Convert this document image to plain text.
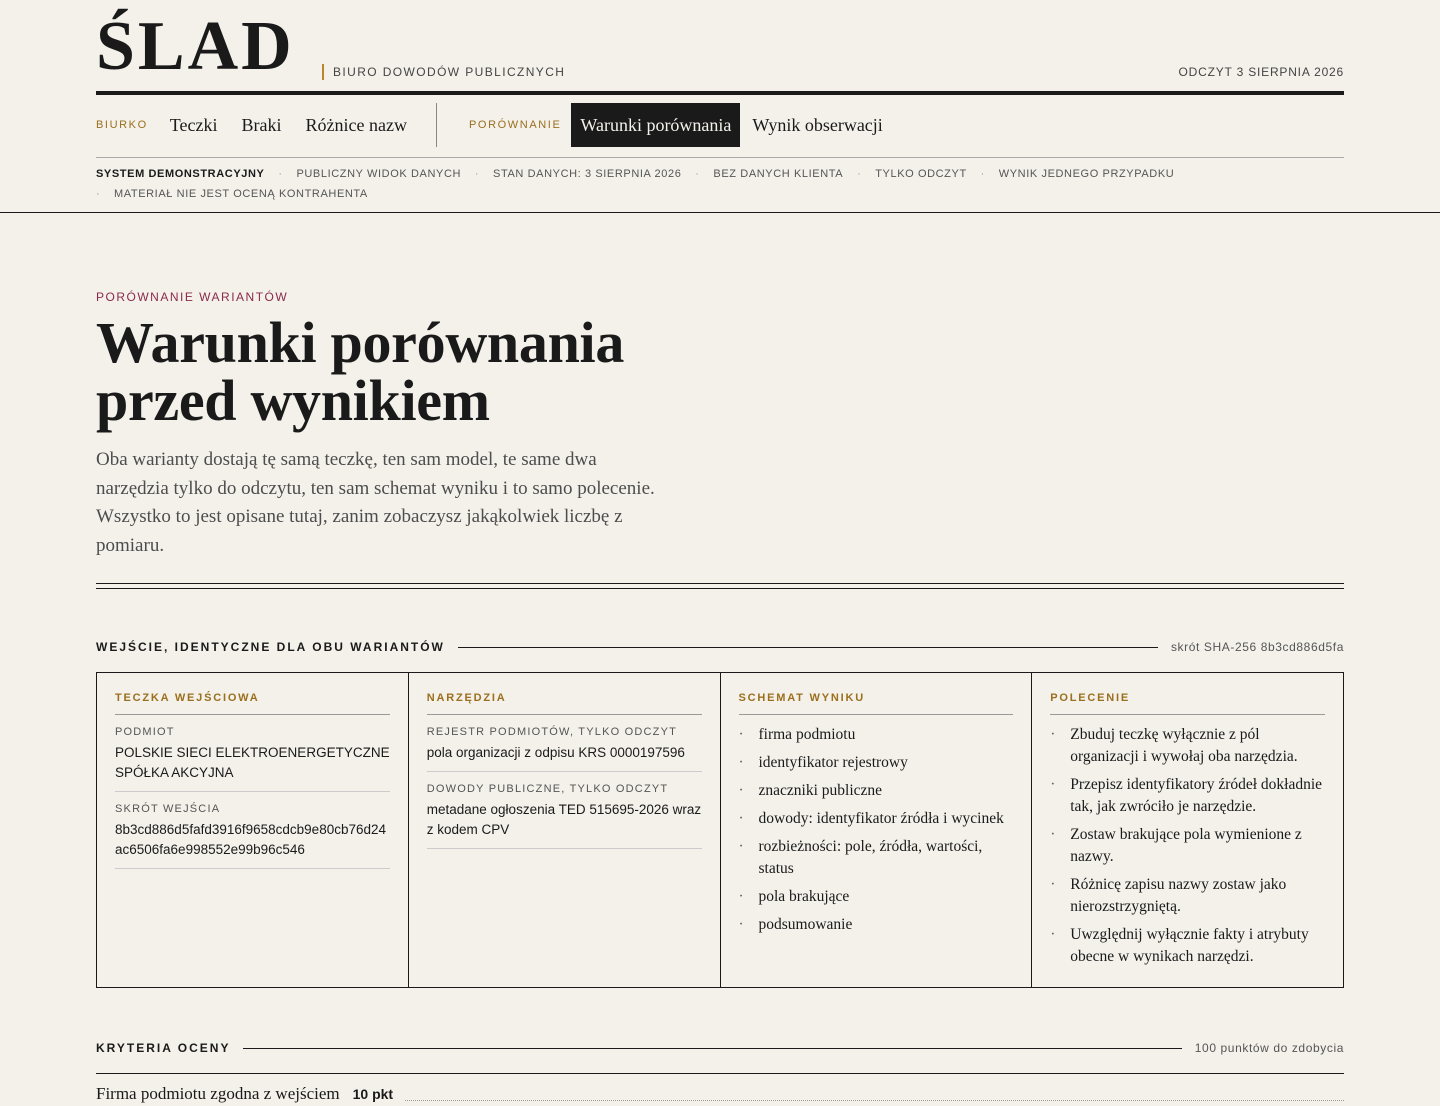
ŚLAD	BIURO DOWODÓW PUBLICZNYCH	ODCZYT 3 SIERPNIA 2026
BIURKO	Teczki	Braki	Różnice nazw	PORÓWNANIE	Warunki porównania	Wynik obserwacji
SYSTEM DEMONSTRACYJNY	·	PUBLICZNY WIDOK DANYCH	·	STAN DANYCH: 3 SIERPNIA 2026	·	BEZ DANYCH KLIENTA	·	TYLKO ODCZYT	·	WYNIK JEDNEGO PRZYPADKU
·	MATERIAŁ NIE JEST OCENĄ KONTRAHENTA
PORÓWNANIE WARIANTÓW
Warunki porównania
przed wynikiem

Oba warianty dostają tę samą teczkę, ten sam model, te same dwa narzędzia tylko do odczytu, ten sam schemat wyniku i to samo polecenie. Wszystko to jest opisane tutaj, zanim zobaczysz jakąkolwiek liczbę z pomiaru.

WEJŚCIE, IDENTYCZNE DLA OBU WARIANTÓW	skrót SHA-256 8b3cd886d5fa
TECZKA WEJŚCIOWA
PODMIOT
POLSKIE SIECI ELEKTROENERGETYCZNE SPÓŁKA AKCYJNA
SKRÓT WEJŚCIA
8b3cd886d5fafd3916f9658cdcb9e80cb76d24ac6506fa6e998552e99b96c546
NARZĘDZIA
REJESTR PODMIOTÓW, TYLKO ODCZYT
pola organizacji z odpisu KRS 0000197596
DOWODY PUBLICZNE, TYLKO ODCZYT
metadane ogłoszenia TED 515695-2026 wraz z kodem CPV
SCHEMAT WYNIKU
· firma podmiotu
· identyfikator rejestrowy
· znaczniki publiczne
· dowody: identyfikator źródła i wycinek
· rozbieżności: pole, źródła, wartości, status
· pola brakujące
· podsumowanie
POLECENIE
· Zbuduj teczkę wyłącznie z pól organizacji i wywołaj oba narzędzia.
· Przepisz identyfikatory źródeł dokładnie tak, jak zwróciło je narzędzie.
· Zostaw brakujące pola wymienione z nazwy.
· Różnicę zapisu nazwy zostaw jako nierozstrzygniętą.
· Uwzględnij wyłącznie fakty i atrybuty obecne w wynikach narzędzi.
KRYTERIA OCENY	100 punktów do zdobycia
Firma podmiotu zgodna z wejściem 10 pkt
